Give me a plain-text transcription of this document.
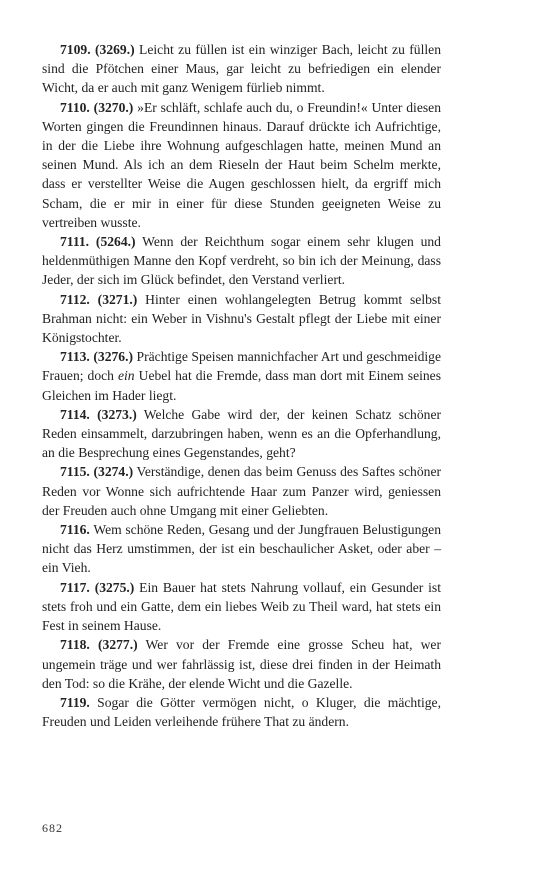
7109. (3269.) Leicht zu füllen ist ein winziger Bach, leicht zu füllen sind die Pfötchen einer Maus, gar leicht zu befriedigen ein elender Wicht, da er auch mit ganz Wenigem fürlieb nimmt.

7110. (3270.) »Er schläft, schlafe auch du, o Freundin!« Unter diesen Worten gingen die Freundinnen hinaus. Darauf drückte ich Aufrichtige, in der die Liebe ihre Wohnung aufgeschlagen hatte, meinen Mund an seinen Mund. Als ich an dem Rieseln der Haut beim Schelm merkte, dass er verstellter Weise die Augen geschlossen hielt, da ergriff mich Scham, die er mir in einer für diese Stunden geeigneten Weise zu vertreiben wusste.

7111. (5264.) Wenn der Reichthum sogar einem sehr klugen und heldenmüthigen Manne den Kopf verdreht, so bin ich der Meinung, dass Jeder, der sich im Glück befindet, den Verstand verliert.

7112. (3271.) Hinter einen wohlangelegten Betrug kommt selbst Brahman nicht: ein Weber in Vishnu's Gestalt pflegt der Liebe mit einer Königstochter.

7113. (3276.) Prächtige Speisen mannichfacher Art und geschmeidige Frauen; doch ein Uebel hat die Fremde, dass man dort mit Einem seines Gleichen im Hader liegt.

7114. (3273.) Welche Gabe wird der, der keinen Schatz schöner Reden einsammelt, darzubringen haben, wenn es an die Opferhandlung, an die Besprechung eines Gegenstandes, geht?

7115. (3274.) Verständige, denen das beim Genuss des Saftes schöner Reden vor Wonne sich aufrichtende Haar zum Panzer wird, geniessen der Freuden auch ohne Umgang mit einer Geliebten.

7116. Wem schöne Reden, Gesang und der Jungfrauen Belustigungen nicht das Herz umstimmen, der ist ein beschaulicher Asket, oder aber – ein Vieh.

7117. (3275.) Ein Bauer hat stets Nahrung vollauf, ein Gesunder ist stets froh und ein Gatte, dem ein liebes Weib zu Theil ward, hat stets ein Fest in seinem Hause.

7118. (3277.) Wer vor der Fremde eine grosse Scheu hat, wer ungemein träge und wer fahrlässig ist, diese drei finden in der Heimath den Tod: so die Krähe, der elende Wicht und die Gazelle.

7119. Sogar die Götter vermögen nicht, o Kluger, die mächtige, Freuden und Leiden verleihende frühere That zu ändern.

682
